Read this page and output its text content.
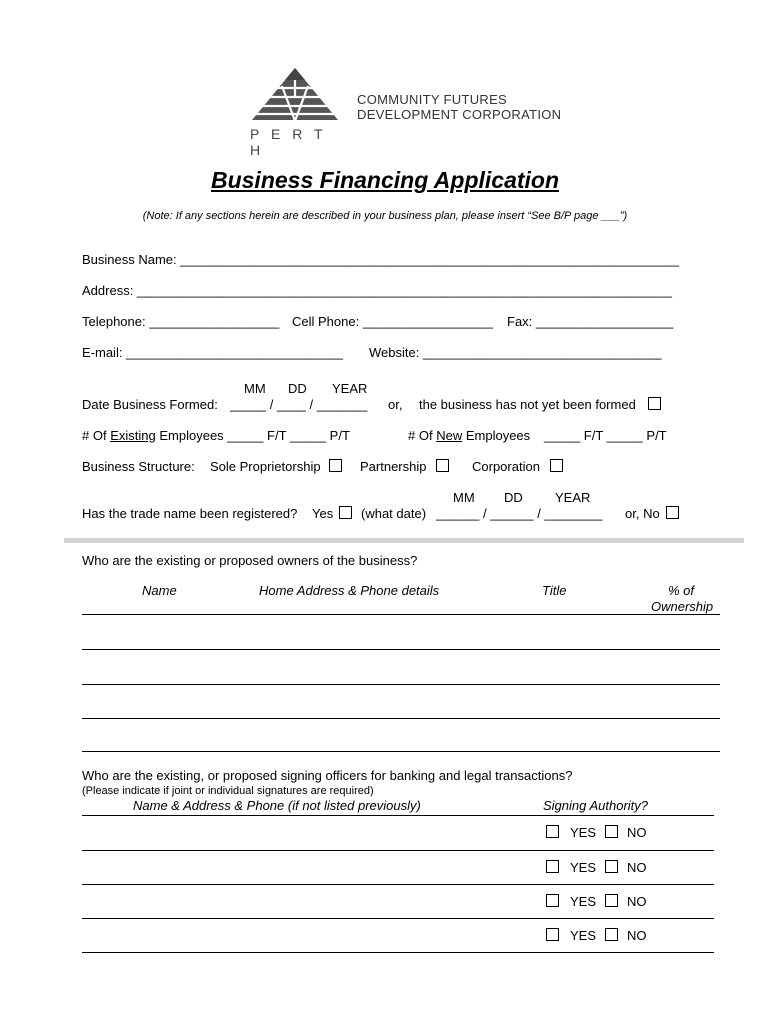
P E R T H
COMMUNITY FUTURES
DEVELOPMENT CORPORATION
Business Financing Application
(Note: If any sections herein are described in your business plan, please insert “See B/P page ___”)
Business Name: _____________________________________________________________________
Address: __________________________________________________________________________
Telephone: __________________ Cell Phone: __________________ Fax: ___________________
E-mail: ______________________________ Website: _________________________________
MM DD YEAR
Date Business Formed: _____ / ____ / _______ or, the business has not yet been formed
# Of Existing Employees _____ F/T _____ P/T	# Of New Employees _____ F/T _____ P/T
Business Structure: Sole Proprietorship	Partnership	Corporation
MM DD YEAR
Has the trade name been registered? Yes (what date) ______ / ______ / ________ or, No
Who are the existing or proposed owners of the business?
Name	Home Address & Phone details	Title	% of
Ownership
Who are the existing, or proposed signing officers for banking and legal transactions?
(Please indicate if joint or individual signatures are required)
Name & Address & Phone (if not listed previously)	Signing Authority?
YES NO
YES NO
YES NO
YES NO
